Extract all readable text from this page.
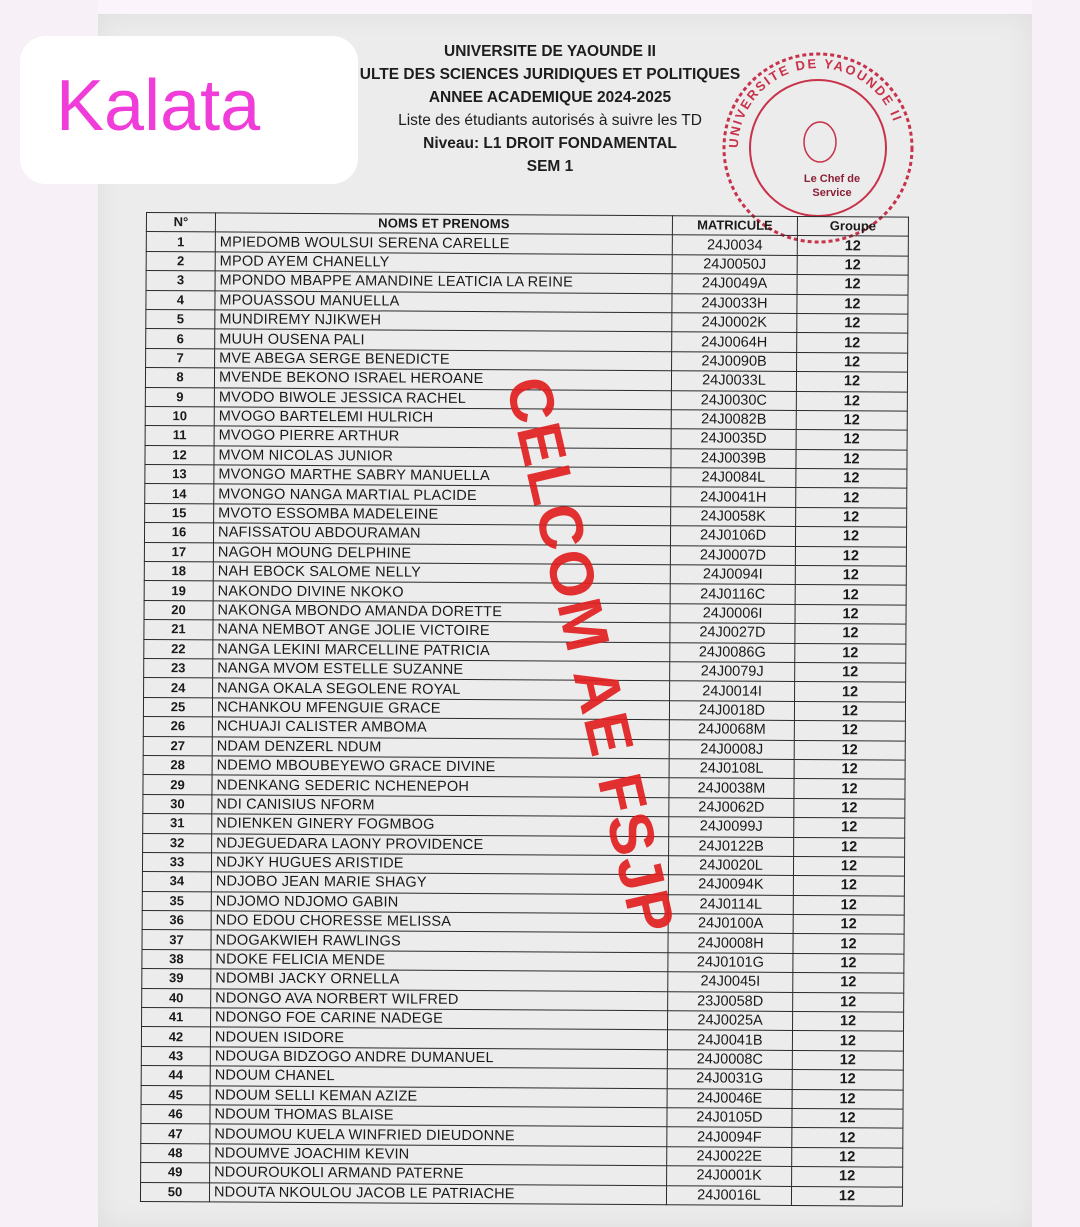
UNIVERSITE DE YAOUNDE II
ULTE DES SCIENCES JURIDIQUES ET POLITIQUES
ANNEE ACADEMIQUE 2024-2025
Liste des étudiants autorisés à suivre les TD
Niveau: L1 DROIT FONDAMENTAL
SEM 1
UNIVERSITE DE YAOUNDE II
Le Chef de
Service
N°	NOMS ET PRENOMS	MATRICULE	Groupe
1	MPIEDOMB WOULSUI SERENA CARELLE	24J0034	12
2	MPOD AYEM CHANELLY	24J0050J	12
3	MPONDO MBAPPE AMANDINE LEATICIA LA REINE	24J0049A	12
4	MPOUASSOU MANUELLA	24J0033H	12
5	MUNDIREMY NJIKWEH	24J0002K	12
6	MUUH OUSENA PALI	24J0064H	12
7	MVE ABEGA SERGE BENEDICTE	24J0090B	12
8	MVENDE BEKONO ISRAEL HEROANE	24J0033L	12
9	MVODO BIWOLE JESSICA RACHEL	24J0030C	12
10	MVOGO BARTELEMI HULRICH	24J0082B	12
11	MVOGO PIERRE ARTHUR	24J0035D	12
12	MVOM NICOLAS JUNIOR	24J0039B	12
13	MVONGO MARTHE SABRY MANUELLA	24J0084L	12
14	MVONGO NANGA MARTIAL PLACIDE	24J0041H	12
15	MVOTO ESSOMBA MADELEINE	24J0058K	12
16	NAFISSATOU ABDOURAMAN	24J0106D	12
17	NAGOH MOUNG DELPHINE	24J0007D	12
18	NAH EBOCK SALOME NELLY	24J0094I	12
19	NAKONDO DIVINE NKOKO	24J0116C	12
20	NAKONGA MBONDO AMANDA DORETTE	24J0006I	12
21	NANA NEMBOT ANGE JOLIE VICTOIRE	24J0027D	12
22	NANGA LEKINI MARCELLINE PATRICIA	24J0086G	12
23	NANGA MVOM ESTELLE SUZANNE	24J0079J	12
24	NANGA OKALA SEGOLENE ROYAL	24J0014I	12
25	NCHANKOU MFENGUIE GRACE	24J0018D	12
26	NCHUAJI CALISTER AMBOMA	24J0068M	12
27	NDAM DENZERL NDUM	24J0008J	12
28	NDEMO MBOUBEYEWO GRACE DIVINE	24J0108L	12
29	NDENKANG SEDERIC NCHENEPOH	24J0038M	12
30	NDI CANISIUS NFORM	24J0062D	12
31	NDIENKEN GINERY FOGMBOG	24J0099J	12
32	NDJEGUEDARA LAONY PROVIDENCE	24J0122B	12
33	NDJKY HUGUES ARISTIDE	24J0020L	12
34	NDJOBO JEAN MARIE SHAGY	24J0094K	12
35	NDJOMO NDJOMO GABIN	24J0114L	12
36	NDO EDOU CHORESSE MELISSA	24J0100A	12
37	NDOGAKWIEH RAWLINGS	24J0008H	12
38	NDOKE FELICIA MENDE	24J0101G	12
39	NDOMBI JACKY ORNELLA	24J0045I	12
40	NDONGO AVA NORBERT WILFRED	23J0058D	12
41	NDONGO FOE CARINE NADEGE	24J0025A	12
42	NDOUEN ISIDORE	24J0041B	12
43	NDOUGA BIDZOGO ANDRE DUMANUEL	24J0008C	12
44	NDOUM CHANEL	24J0031G	12
45	NDOUM SELLI KEMAN AZIZE	24J0046E	12
46	NDOUM THOMAS BLAISE	24J0105D	12
47	NDOUMOU KUELA WINFRIED DIEUDONNE	24J0094F	12
48	NDOUMVE JOACHIM KEVIN	24J0022E	12
49	NDOUROUKOLI ARMAND PATERNE	24J0001K	12
50	NDOUTA NKOULOU JACOB LE PATRIACHE	24J0016L	12
CELCOM AE FSJP
Kalata
